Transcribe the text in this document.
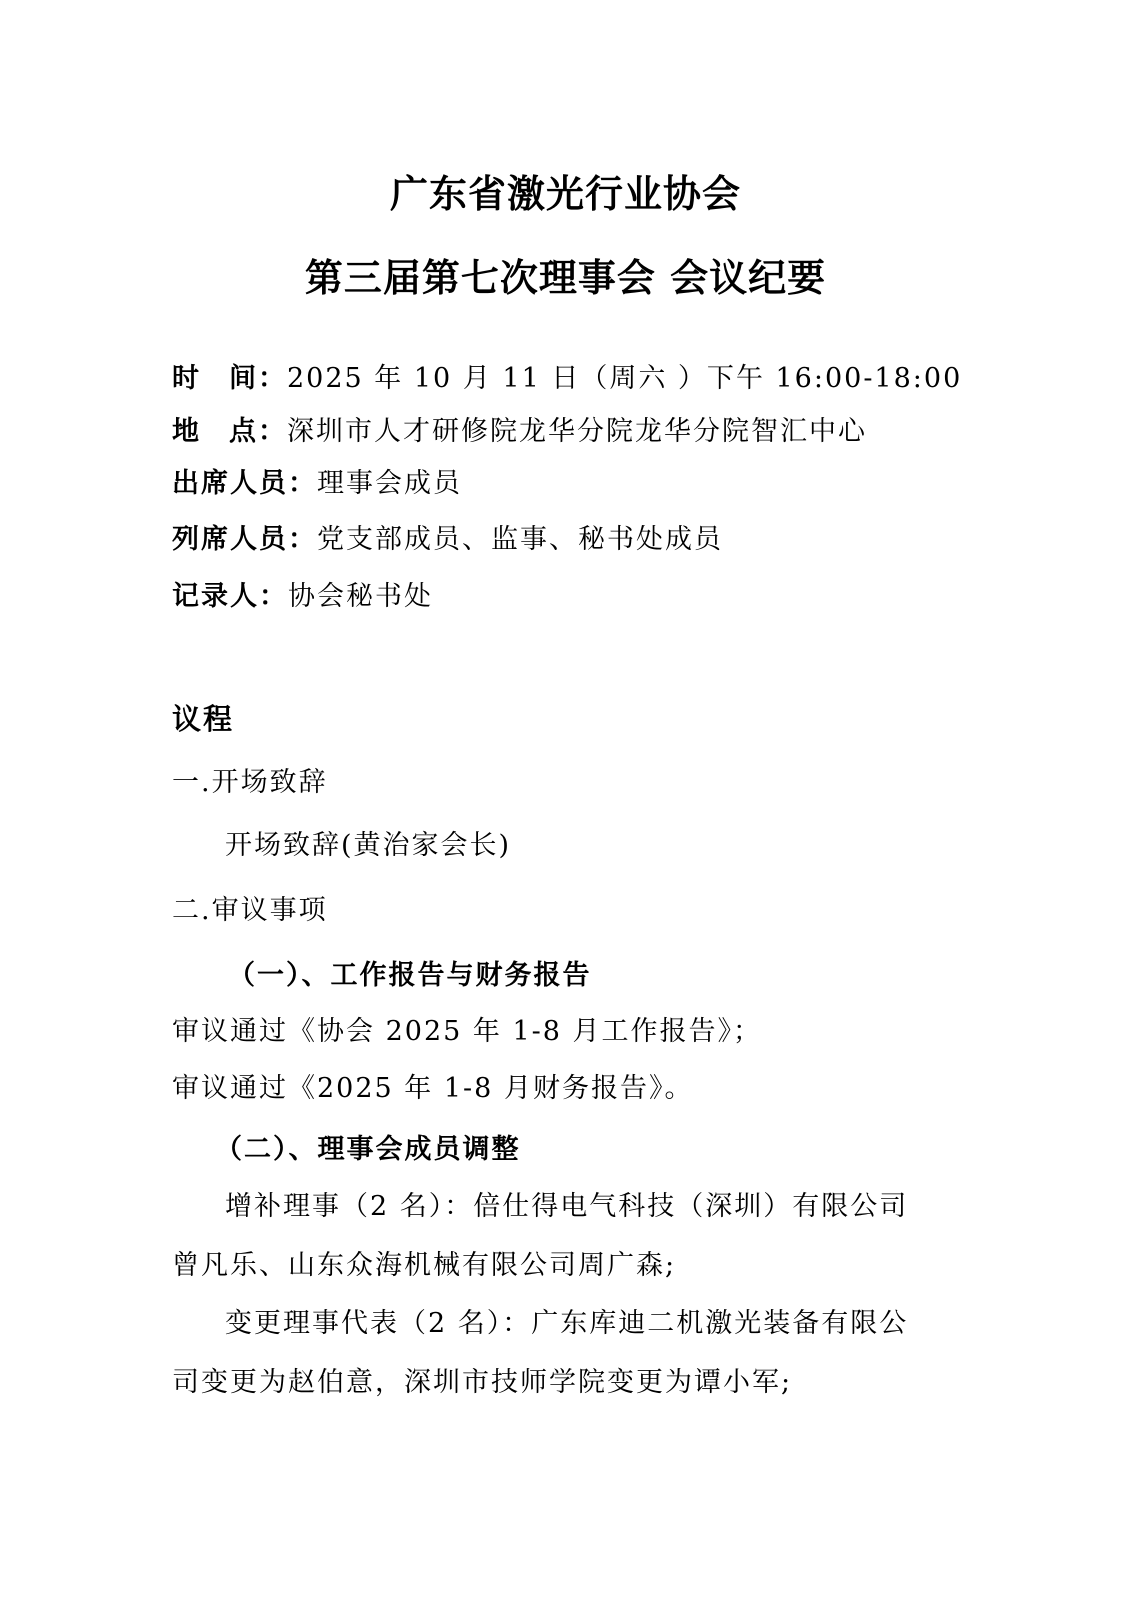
广东省激光行业协会
第三届第七次理事会 会议纪要
时 间：2025 年 10 月 11 日（周六 ）下午 16:00-18:00
地 点：深圳市人才研修院龙华分院龙华分院智汇中心
出席人员：理事会成员
列席人员：党支部成员、监事、秘书处成员
记录人：协会秘书处
议程
一.开场致辞
开场致辞(黄治家会长)
二.审议事项
（一）、工作报告与财务报告
审议通过《协会 2025 年 1-8 月工作报告》；
审议通过《2025 年 1-8 月财务报告》。
（二）、理事会成员调整
增补理事（2 名）：倍仕得电气科技（深圳）有限公司
曾凡乐、山东众海机械有限公司周广森;
变更理事代表（2 名）：广东库迪二机激光装备有限公
司变更为赵伯意，深圳市技师学院变更为谭小军;
